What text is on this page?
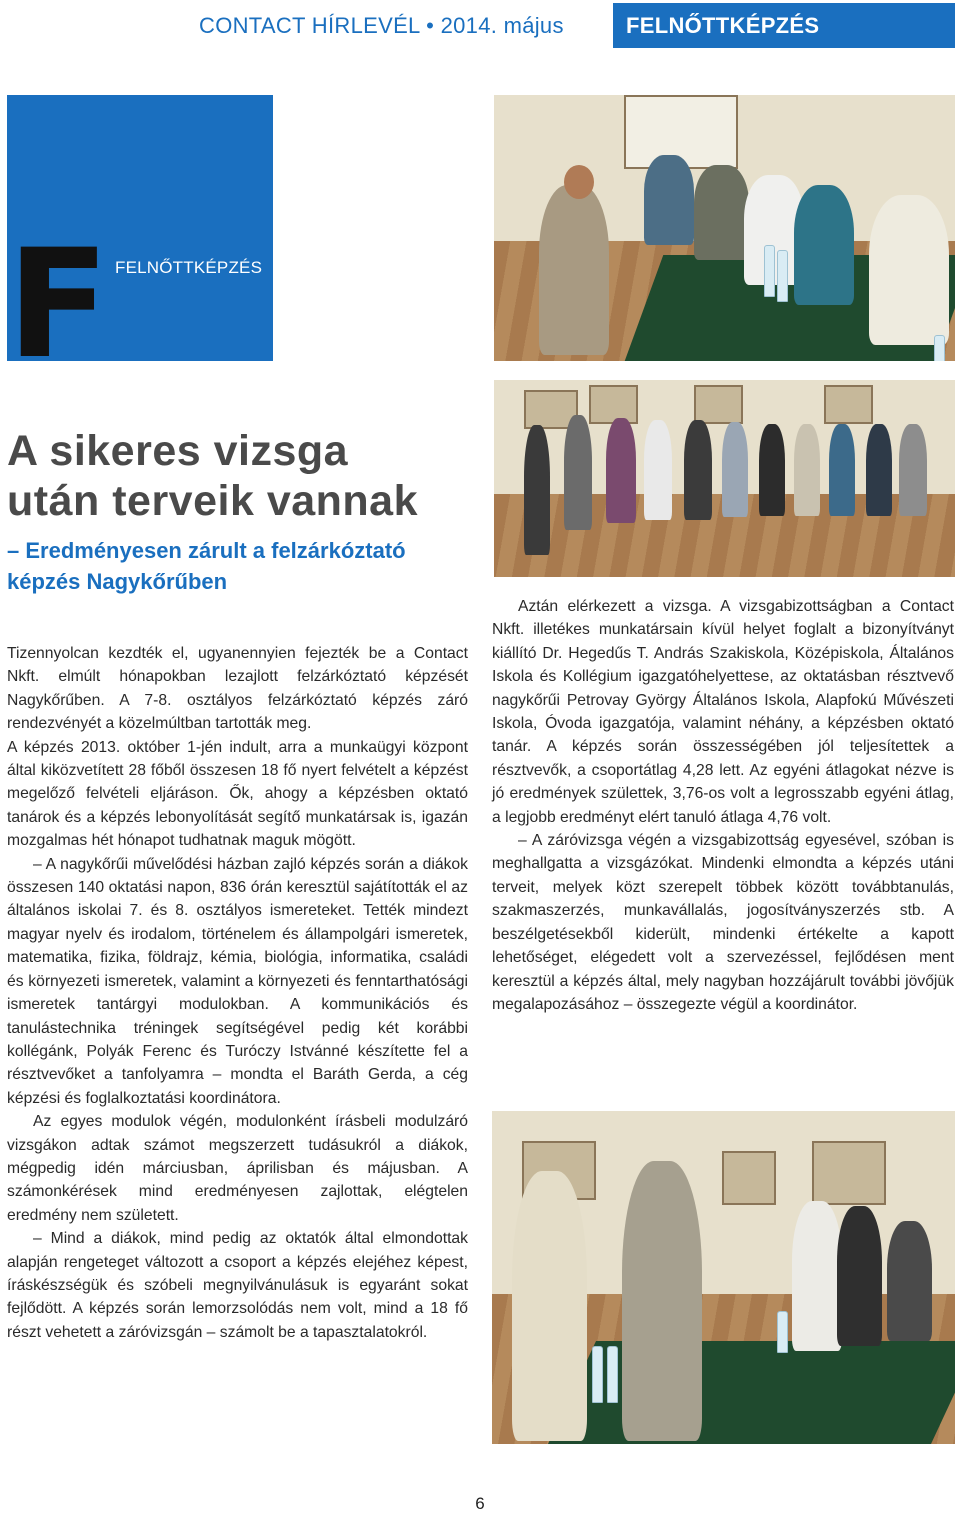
CONTACT HÍRLEVÉL • 2014. május	FELNŐTTKÉPZÉS
F FELNŐTTKÉPZÉS
A sikeres vizsga
után terveik vannak
– Eredményesen zárult a felzárkóztató
képzés Nagykőrűben

Tizennyolcan kezdték el, ugyanennyien fejezték be a Contact Nkft. elmúlt hónapokban lezajlott felzárkóztató képzését Nagykőrűben. A 7-8. osztályos felzárkóztató képzés záró rendezvényét a közelmúltban tartották meg.

A képzés 2013. október 1-jén indult, arra a munkaügyi központ által kiközvetített 28 főből összesen 18 fő nyert felvételt a képzést megelőző felvételi eljáráson. Ők, ahogy a képzésben oktató tanárok és a képzés lebonyolítását segítő munkatársak is, igazán mozgalmas hét hónapot tudhatnak maguk mögött.

– A nagykőrűi művelődési házban zajló képzés során a diákok összesen 140 oktatási napon, 836 órán keresztül sajátították el az általános iskolai 7. és 8. osztályos ismereteket. Tették mindezt magyar nyelv és irodalom, történelem és állampolgári ismeretek, matematika, fizika, földrajz, kémia, biológia, informatika, családi és környezeti ismeretek, valamint a környezeti és fenntarthatósági ismeretek tantárgyi modulokban. A kommunikációs és tanulástechnika tréningek segítségével pedig két korábbi kollégánk, Polyák Ferenc és Turóczy Istvánné készítette fel a résztvevőket a tanfolyamra – mondta el Baráth Gerda, a cég képzési és foglalkoztatási koordinátora.

Az egyes modulok végén, modulonként írásbeli modulzáró vizsgákon adtak számot megszerzett tudásukról a diákok, mégpedig idén márciusban, áprilisban és májusban. A számonkérések mind eredményesen zajlottak, elégtelen eredmény nem született.

– Mind a diákok, mind pedig az oktatók által elmondottak alapján rengeteget változott a csoport a képzés elejéhez képest, íráskészségük és szóbeli megnyilvánulásuk is egyaránt sokat fejlődött. A képzés során lemorzsolódás nem volt, mind a 18 fő részt vehetett a záróvizsgán – számolt be a tapasztalatokról.

Aztán elérkezett a vizsga. A vizsgabizottságban a Contact Nkft. illetékes munkatársain kívül helyet foglalt a bizonyítványt kiállító Dr. Hegedűs T. András Szakiskola, Középiskola, Általános Iskola és Kollégium igazgatóhelyettese, az oktatásban résztvevő nagykőrűi Petrovay György Általános Iskola, Alapfokú Művészeti Iskola, Óvoda igazgatója, valamint néhány, a képzésben oktató tanár. A képzés során összességében jól teljesítettek a résztvevők, a csoportátlag 4,28 lett. Az egyéni átlagokat nézve is jó eredmények születtek, 3,76-os volt a legrosszabb egyéni átlag, a legjobb eredményt elért tanuló átlaga 4,76 volt.

– A záróvizsga végén a vizsgabizottság egyesével, szóban is meghallgatta a vizsgázókat. Mindenki elmondta a képzés utáni terveit, melyek közt szerepelt többek között továbbtanulás, szakmaszerzés, munkavállalás, jogosítványszerzés stb. A beszélgetésekből kiderült, mindenki értékelte a kapott lehetőséget, elégedett volt a szervezéssel, fejlődésen ment keresztül a képzés által, mely nagyban hozzájárult további jövőjük megalapozásához – összegezte végül a koordinátor.

6
